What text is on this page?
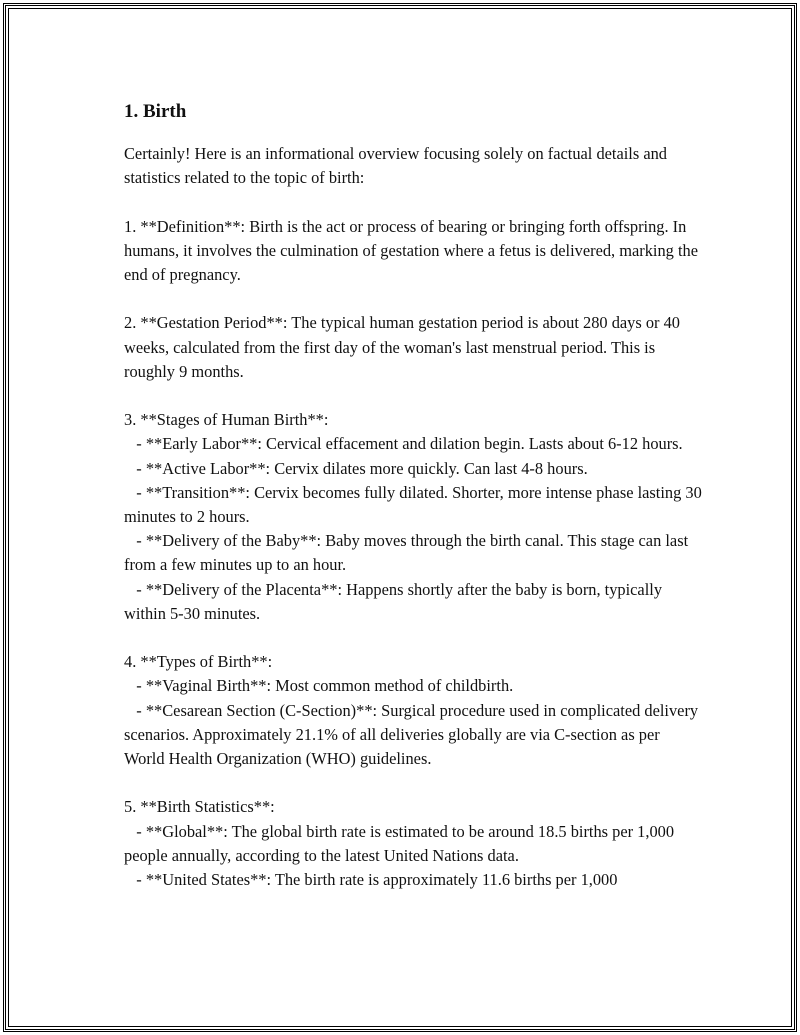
1. Birth

Certainly! Here is an informational overview focusing solely on factual details and statistics related to the topic of birth:

1. **Definition**: Birth is the act or process of bearing or bringing forth offspring. In humans, it involves the culmination of gestation where a fetus is delivered, marking the end of pregnancy.

2. **Gestation Period**: The typical human gestation period is about 280 days or 40 weeks, calculated from the first day of the woman's last menstrual period. This is roughly 9 months.

3. **Stages of Human Birth**:
- **Early Labor**: Cervical effacement and dilation begin. Lasts about 6-12 hours.
- **Active Labor**: Cervix dilates more quickly. Can last 4-8 hours.
- **Transition**: Cervix becomes fully dilated. Shorter, more intense phase lasting 30 minutes to 2 hours.
- **Delivery of the Baby**: Baby moves through the birth canal. This stage can last from a few minutes up to an hour.
- **Delivery of the Placenta**: Happens shortly after the baby is born, typically within 5-30 minutes.

4. **Types of Birth**:
- **Vaginal Birth**: Most common method of childbirth.
- **Cesarean Section (C-Section)**: Surgical procedure used in complicated delivery scenarios. Approximately 21.1% of all deliveries globally are via C-section as per World Health Organization (WHO) guidelines.

5. **Birth Statistics**:
- **Global**: The global birth rate is estimated to be around 18.5 births per 1,000 people annually, according to the latest United Nations data.
- **United States**: The birth rate is approximately 11.6 births per 1,000
